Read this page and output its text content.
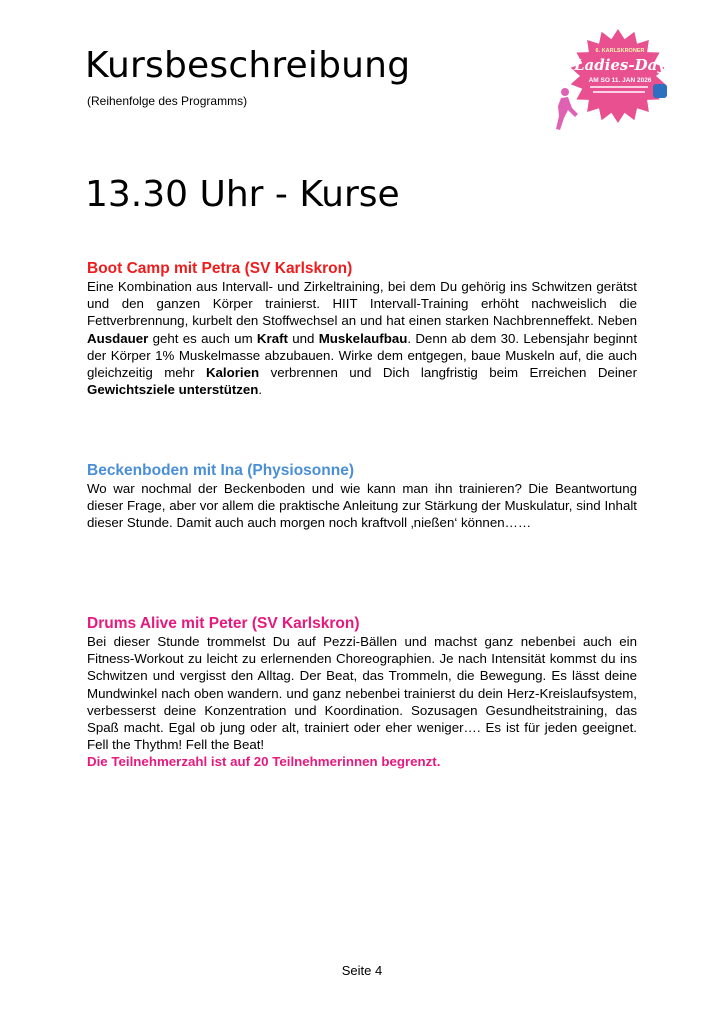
Kursbeschreibung
(Reihenfolge des Programms)
6. KARLSKRONER
Ladies-Day
AM SO 11. JAN 2026
13.30 Uhr - Kurse
Boot Camp mit Petra (SV Karlskron)

Eine Kombination aus Intervall- und Zirkeltraining, bei dem Du gehörig ins Schwitzen gerätst und den ganzen Körper trainierst. HIIT Intervall-Training erhöht nachweislich die Fettverbrennung, kurbelt den Stoffwechsel an und hat einen starken Nachbrenneffekt. Neben Ausdauer geht es auch um Kraft und Muskelaufbau. Denn ab dem 30. Lebensjahr beginnt der Körper 1% Muskelmasse abzubauen. Wirke dem entgegen, baue Muskeln auf, die auch gleichzeitig mehr Kalorien verbrennen und Dich langfristig beim Erreichen Deiner Gewichtsziele unterstützen.

Beckenboden mit Ina (Physiosonne)

Wo war nochmal der Beckenboden und wie kann man ihn trainieren? Die Beantwortung dieser Frage, aber vor allem die praktische Anleitung zur Stärkung der Muskulatur, sind Inhalt dieser Stunde. Damit auch auch morgen noch kraftvoll ‚nießen‘ können……

Drums Alive mit Peter (SV Karlskron)

Bei dieser Stunde trommelst Du auf Pezzi-Bällen und machst ganz nebenbei auch ein Fitness-Workout zu leicht zu erlernenden Choreographien. Je nach Intensität kommst du ins Schwitzen und vergisst den Alltag. Der Beat, das Trommeln, die Bewegung. Es lässt deine Mundwinkel nach oben wandern. und ganz nebenbei trainierst du dein Herz-Kreislaufsystem, verbesserst deine Konzentration und Koordination. Sozusagen Gesundheitstraining, das Spaß macht. Egal ob jung oder alt, trainiert oder eher weniger…. Es ist für jeden geeignet. Fell the Thythm! Fell the Beat!

Die Teilnehmerzahl ist auf 20 Teilnehmerinnen begrenzt.
Seite 4
